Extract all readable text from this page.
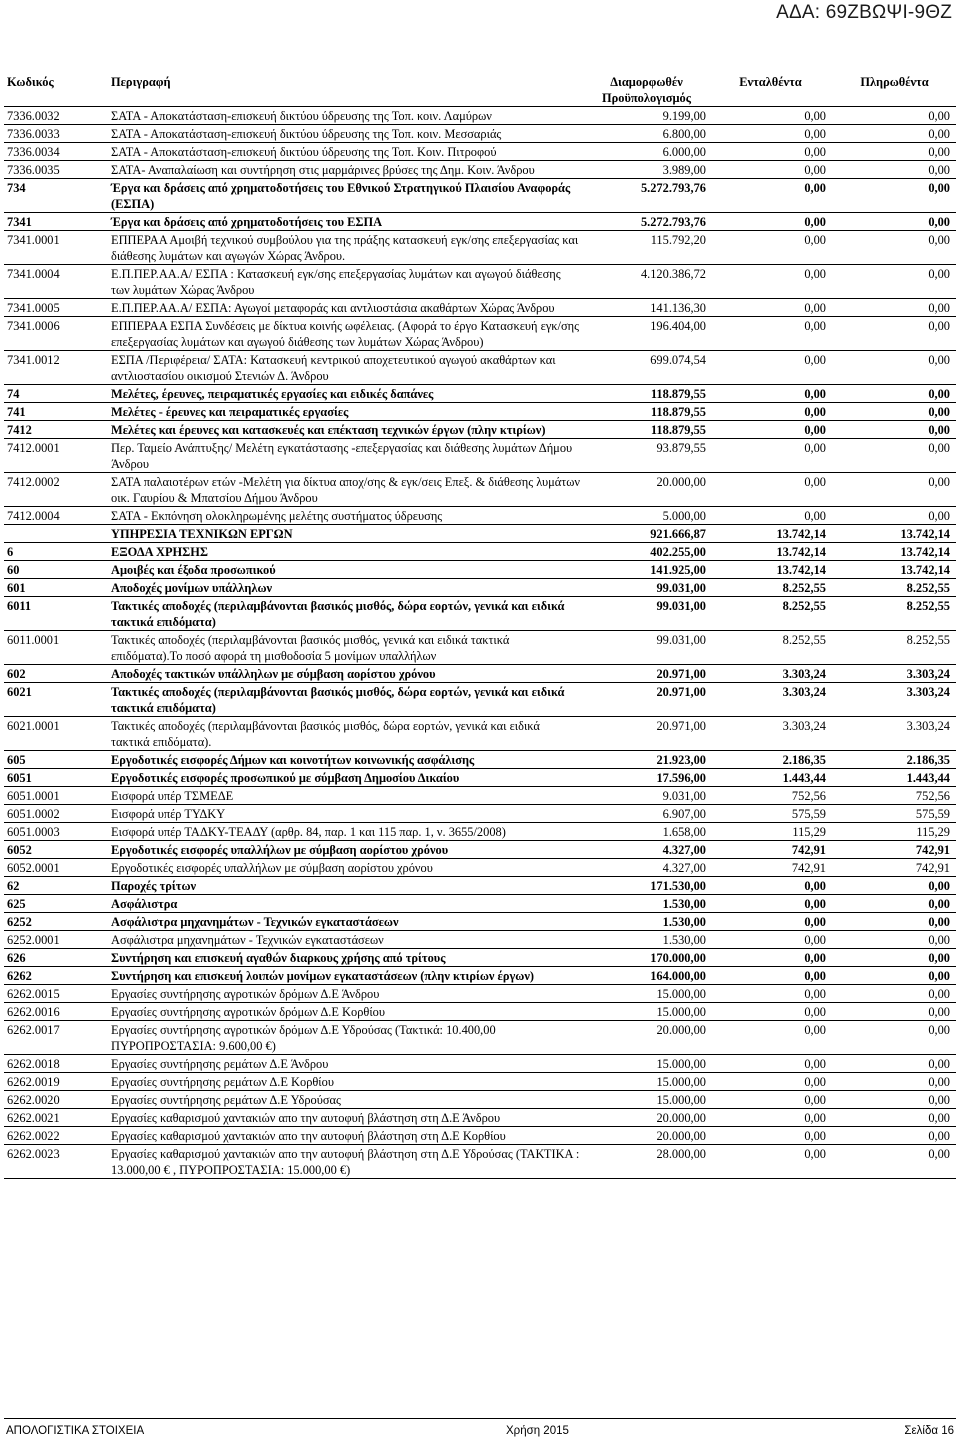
ΑΔΑ: 69ΖΒΩΨΙ-9ΘΖ
Κωδικός	Περιγραφή	Διαμορφωθέν Προϋπολογισμός	Ενταλθέντα	Πληρωθέντα
7336.0032	ΣΑΤΑ - Αποκατάσταση-επισκευή δικτύου ύδρευσης της Τοπ. κοιν. Λαμύρων	9.199,00	0,00	0,00
7336.0033	ΣΑΤΑ - Αποκατάσταση-επισκευή δικτύου ύδρευσης της Τοπ. κοιν. Μεσσαριάς	6.800,00	0,00	0,00
7336.0034	ΣΑΤΑ - Αποκατάσταση-επισκευή δικτύου ύδρευσης της Τοπ. Κοιν. Πιτροφού	6.000,00	0,00	0,00
7336.0035	ΣΑΤΑ- Αναπαλαίωση και συντήρηση στις μαρμάρινες βρύσες της Δημ. Κοιν. Άνδρου	3.989,00	0,00	0,00
734	Έργα και δράσεις από χρηματοδοτήσεις του Εθνικού Στρατηγικού Πλαισίου Αναφοράς (ΕΣΠΑ)	5.272.793,76	0,00	0,00
7341	Έργα και δράσεις από χρηματοδοτήσεις του ΕΣΠΑ	5.272.793,76	0,00	0,00
7341.0001	ΕΠΠΕΡΑΑ Αμοιβή τεχνικού συμβούλου για της πράξης κατασκευή εγκ/σης επεξεργασίας και διάθεσης λυμάτων και αγωγών Χώρας Άνδρου.	115.792,20	0,00	0,00
7341.0004	Ε.Π.ΠΕΡ.ΑΑ.Α/ ΕΣΠΑ : Κατασκευή εγκ/σης επεξεργασίας λυμάτων και αγωγού διάθεσης των λυμάτων Χώρας Άνδρου	4.120.386,72	0,00	0,00
7341.0005	Ε.Π.ΠΕΡ.ΑΑ.Α/ ΕΣΠΑ: Αγωγοί μεταφοράς και αντλιοστάσια ακαθάρτων Χώρας Άνδρου	141.136,30	0,00	0,00
7341.0006	ΕΠΠΕΡΑΑ ΕΣΠΑ Συνδέσεις με δίκτυα κοινής ωφέλειας. (Αφορά το έργο Κατασκευή εγκ/σης επεξεργασίας λυμάτων και αγωγού διάθεσης των λυμάτων Χώρας Άνδρου)	196.404,00	0,00	0,00
7341.0012	ΕΣΠΑ /Περιφέρεια/ ΣΑΤΑ: Κατασκευή κεντρικού αποχετευτικού αγωγού ακαθάρτων και αντλιοστασίου οικισμού Στενιών Δ. Άνδρου	699.074,54	0,00	0,00
74	Μελέτες, έρευνες, πειραματικές εργασίες και ειδικές δαπάνες	118.879,55	0,00	0,00
741	Μελέτες - έρευνες και πειραματικές εργασίες	118.879,55	0,00	0,00
7412	Μελέτες και έρευνες και κατασκευές και επέκταση τεχνικών έργων (πλην κτιρίων)	118.879,55	0,00	0,00
7412.0001	Περ. Ταμείο Ανάπτυξης/ Μελέτη εγκατάστασης -επεξεργασίας και διάθεσης λυμάτων Δήμου Άνδρου	93.879,55	0,00	0,00
7412.0002	ΣΑΤΑ παλαιοτέρων ετών -Μελέτη για δίκτυα αποχ/σης & εγκ/σεις Επεξ. & διάθεσης λυμάτων οικ. Γαυρίου & Μπατσίου Δήμου Άνδρου	20.000,00	0,00	0,00
7412.0004	ΣΑΤΑ - Εκπόνηση ολοκληρωμένης μελέτης συστήματος ύδρευσης	5.000,00	0,00	0,00
	ΥΠΗΡΕΣΙΑ ΤΕΧΝΙΚΩΝ ΕΡΓΩΝ	921.666,87	13.742,14	13.742,14
6	ΕΞΟΔΑ ΧΡΗΣΗΣ	402.255,00	13.742,14	13.742,14
60	Αμοιβές και έξοδα προσωπικού	141.925,00	13.742,14	13.742,14
601	Αποδοχές μονίμων υπάλληλων	99.031,00	8.252,55	8.252,55
6011	Τακτικές αποδοχές (περιλαμβάνονται βασικός μισθός, δώρα εορτών, γενικά και ειδικά τακτικά επιδόματα)	99.031,00	8.252,55	8.252,55
6011.0001	Τακτικές αποδοχές (περιλαμβάνονται βασικός μισθός, γενικά και ειδικά τακτικά επιδόματα).Το ποσό αφορά τη μισθοδοσία 5 μονίμων υπαλλήλων	99.031,00	8.252,55	8.252,55
602	Αποδοχές τακτικών υπάλληλων με σύμβαση αορίστου χρόνου	20.971,00	3.303,24	3.303,24
6021	Τακτικές αποδοχές (περιλαμβάνονται βασικός μισθός, δώρα εορτών, γενικά και ειδικά τακτικά επιδόματα)	20.971,00	3.303,24	3.303,24
6021.0001	Τακτικές αποδοχές (περιλαμβάνονται βασικός μισθός, δώρα εορτών, γενικά και ειδικά τακτικά επιδόματα).	20.971,00	3.303,24	3.303,24
605	Εργοδοτικές εισφορές Δήμων και κοινοτήτων κοινωνικής ασφάλισης	21.923,00	2.186,35	2.186,35
6051	Εργοδοτικές εισφορές προσωπικού με σύμβαση Δημοσίου Δικαίου	17.596,00	1.443,44	1.443,44
6051.0001	Εισφορά υπέρ ΤΣΜΕΔΕ	9.031,00	752,56	752,56
6051.0002	Εισφορά υπέρ ΤΥΔΚΥ	6.907,00	575,59	575,59
6051.0003	Εισφορά υπέρ ΤΑΔΚΥ-ΤΕΑΔΥ (αρθρ. 84, παρ. 1 και 115 παρ. 1, ν. 3655/2008)	1.658,00	115,29	115,29
6052	Εργοδοτικές εισφορές υπαλλήλων με σύμβαση αορίστου χρόνου	4.327,00	742,91	742,91
6052.0001	Εργοδοτικές εισφορές υπαλλήλων με σύμβαση αορίστου χρόνου	4.327,00	742,91	742,91
62	Παροχές τρίτων	171.530,00	0,00	0,00
625	Ασφάλιστρα	1.530,00	0,00	0,00
6252	Ασφάλιστρα μηχανημάτων - Τεχνικών εγκαταστάσεων	1.530,00	0,00	0,00
6252.0001	Ασφάλιστρα μηχανημάτων - Τεχνικών εγκαταστάσεων	1.530,00	0,00	0,00
626	Συντήρηση και επισκευή αγαθών διαρκους χρήσης από τρίτους	170.000,00	0,00	0,00
6262	Συντήρηση και επισκευή λοιπών μονίμων εγκαταστάσεων (πλην κτιρίων έργων)	164.000,00	0,00	0,00
6262.0015	Εργασίες συντήρησης αγροτικών δρόμων Δ.Ε Άνδρου	15.000,00	0,00	0,00
6262.0016	Εργασίες συντήρησης αγροτικών δρόμων Δ.Ε Κορθίου	15.000,00	0,00	0,00
6262.0017	Εργασίες συντήρησης αγροτικών δρόμων Δ.Ε Υδρούσας (Τακτικά: 10.400,00 ΠΥΡΟΠΡΟΣΤΑΣΙΑ: 9.600,00 €)	20.000,00	0,00	0,00
6262.0018	Εργασίες συντήρησης ρεμάτων Δ.Ε Άνδρου	15.000,00	0,00	0,00
6262.0019	Εργασίες συντήρησης ρεμάτων Δ.Ε Κορθίου	15.000,00	0,00	0,00
6262.0020	Εργασίες συντήρησης ρεμάτων Δ.Ε Υδρούσας	15.000,00	0,00	0,00
6262.0021	Εργασίες καθαρισμού χαντακιών απο την αυτοφυή βλάστηση στη Δ.Ε Άνδρου	20.000,00	0,00	0,00
6262.0022	Εργασίες καθαρισμού χαντακιών απο την αυτοφυή βλάστηση στη Δ.Ε Κορθίου	20.000,00	0,00	0,00
6262.0023	Εργασίες καθαρισμού χαντακιών απο την αυτοφυή βλάστηση στη Δ.Ε Υδρούσας (ΤΑΚΤΙΚΑ : 13.000,00 € , ΠΥΡΟΠΡΟΣΤΑΣΙΑ: 15.000,00 €)	28.000,00	0,00	0,00
ΑΠΟΛΟΓΙΣΤΙΚΑ ΣΤΟΙΧΕΙΑ	Χρήση 2015	Σελίδα 16
